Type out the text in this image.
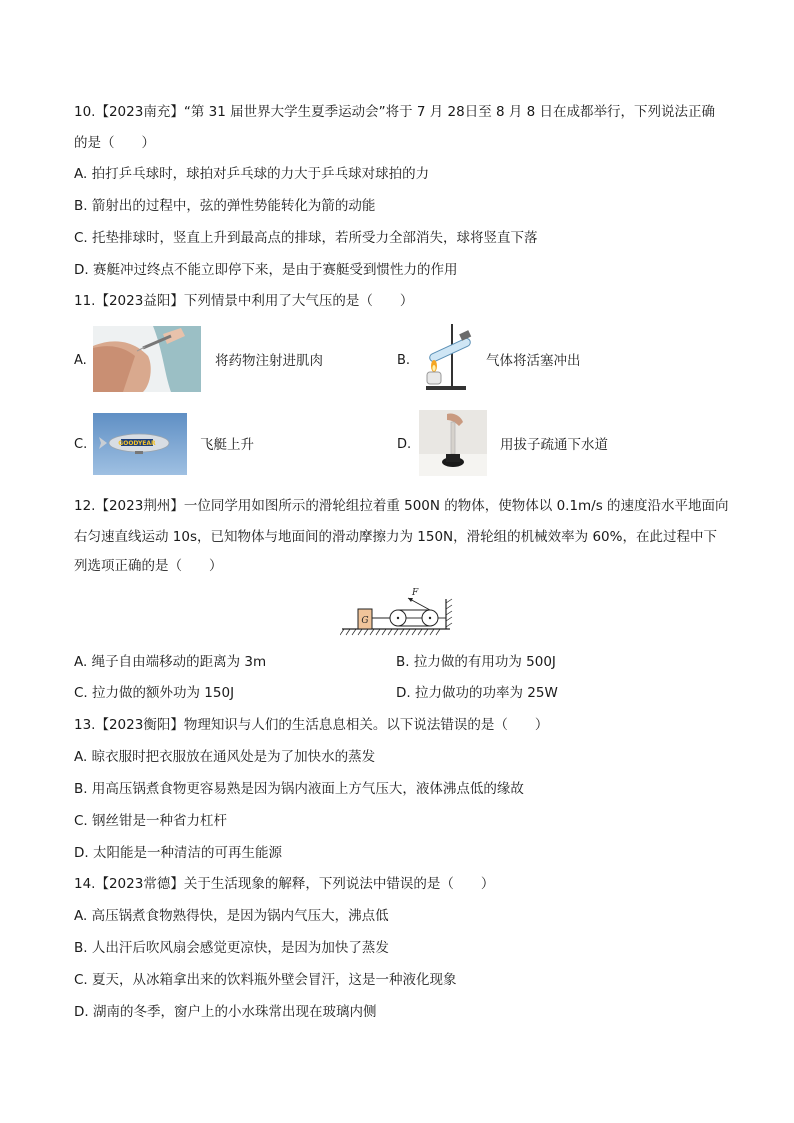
10.【2023南充】“第 31 届世界大学生夏季运动会”将于 7 月 28日至 8 月 8 日在成都举行，下列说法正确
的是（　　）
A. 拍打乒乓球时，球拍对乒乓球的力大于乒乓球对球拍的力
B. 箭射出的过程中，弦的弹性势能转化为箭的动能
C. 托垫排球时，竖直上升到最高点的排球，若所受力全部消失，球将竖直下落
D. 赛艇冲过终点不能立即停下来，是由于赛艇受到惯性力的作用
11.【2023益阳】下列情景中利用了大气压的是（　　）
A.	将药物注射进肌肉	B.	气体将活塞冲出
C.	GOODYEAR	飞艇上升	D.	用拔子疏通下水道
12.【2023荆州】一位同学用如图所示的滑轮组拉着重 500N 的物体，使物体以 0.1m/s 的速度沿水平地面向
右匀速直线运动 10s，已知物体与地面间的滑动摩擦力为 150N，滑轮组的机械效率为 60%，在此过程中下
列选项正确的是（　　）
G
F
A. 绳子自由端移动的距离为 3m	B. 拉力做的有用功为 500J
C. 拉力做的额外功为 150J	D. 拉力做功的功率为 25W
13.【2023衡阳】物理知识与人们的生活息息相关。以下说法错误的是（　　）
A. 晾衣服时把衣服放在通风处是为了加快水的蒸发
B. 用高压锅煮食物更容易熟是因为锅内液面上方气压大，液体沸点低的缘故
C. 钢丝钳是一种省力杠杆
D. 太阳能是一种清洁的可再生能源
14.【2023常德】关于生活现象的解释，下列说法中错误的是（　　）
A. 高压锅煮食物熟得快，是因为锅内气压大，沸点低
B. 人出汗后吹风扇会感觉更凉快，是因为加快了蒸发
C. 夏天，从冰箱拿出来的饮料瓶外壁会冒汗，这是一种液化现象
D. 湖南的冬季，窗户上的小水珠常出现在玻璃内侧
